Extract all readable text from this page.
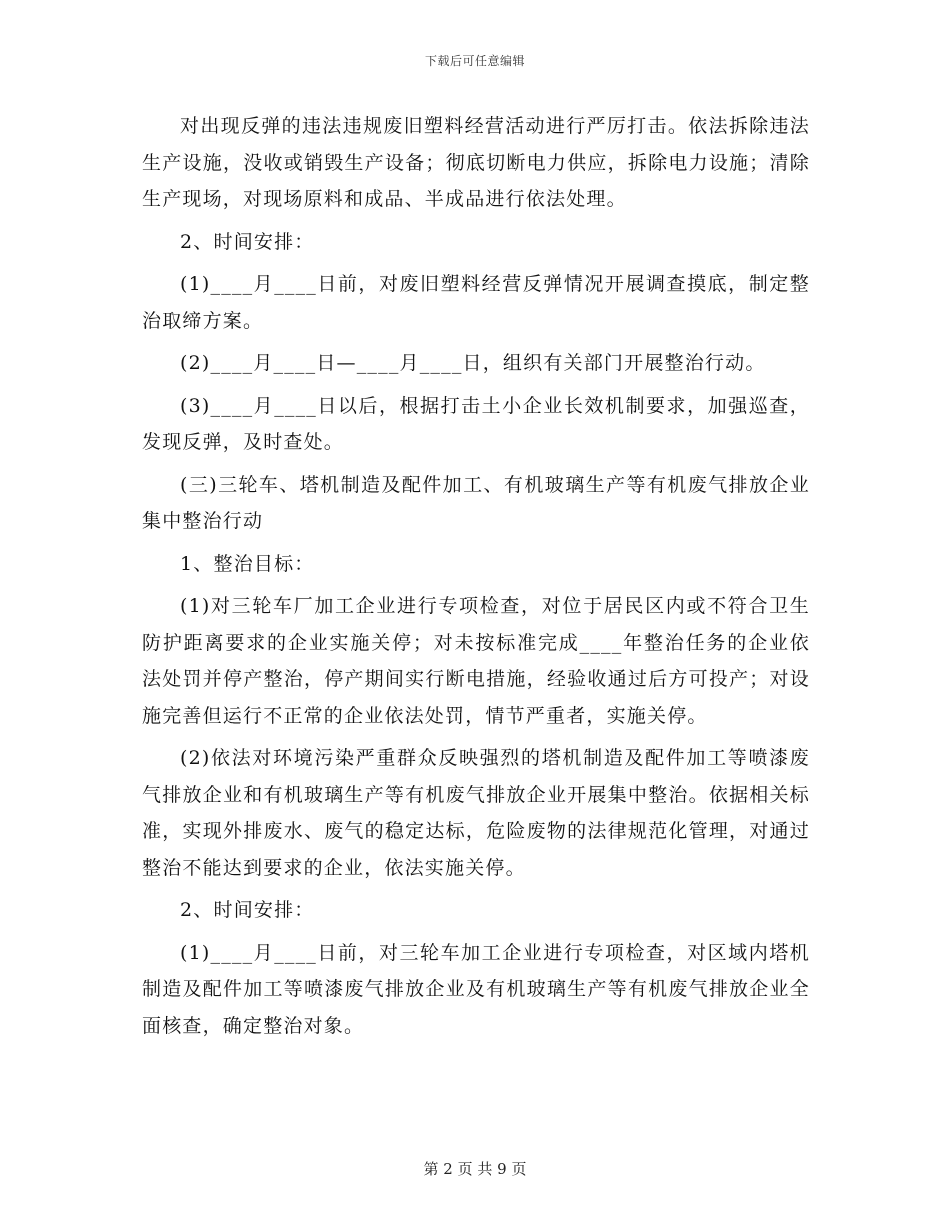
下载后可任意编辑

对出现反弹的违法违规废旧塑料经营活动进行严厉打击。依法拆除违法生产设施，没收或销毁生产设备；彻底切断电力供应，拆除电力设施；清除生产现场，对现场原料和成品、半成品进行依法处理。

2、时间安排：

(1)____月____日前，对废旧塑料经营反弹情况开展调查摸底，制定整治取缔方案。

(2)____月____日—____月____日，组织有关部门开展整治行动。

(3)____月____日以后，根据打击土小企业长效机制要求，加强巡查，发现反弹，及时查处。

(三)三轮车、塔机制造及配件加工、有机玻璃生产等有机废气排放企业集中整治行动

1、整治目标：

(1)对三轮车厂加工企业进行专项检查，对位于居民区内或不符合卫生防护距离要求的企业实施关停；对未按标准完成____年整治任务的企业依法处罚并停产整治，停产期间实行断电措施，经验收通过后方可投产；对设施完善但运行不正常的企业依法处罚，情节严重者，实施关停。

(2)依法对环境污染严重群众反映强烈的塔机制造及配件加工等喷漆废气排放企业和有机玻璃生产等有机废气排放企业开展集中整治。依据相关标准，实现外排废水、废气的稳定达标，危险废物的法律规范化管理，对通过整治不能达到要求的企业，依法实施关停。

2、时间安排：

(1)____月____日前，对三轮车加工企业进行专项检查，对区域内塔机制造及配件加工等喷漆废气排放企业及有机玻璃生产等有机废气排放企业全面核查，确定整治对象。

第 2 页 共 9 页
